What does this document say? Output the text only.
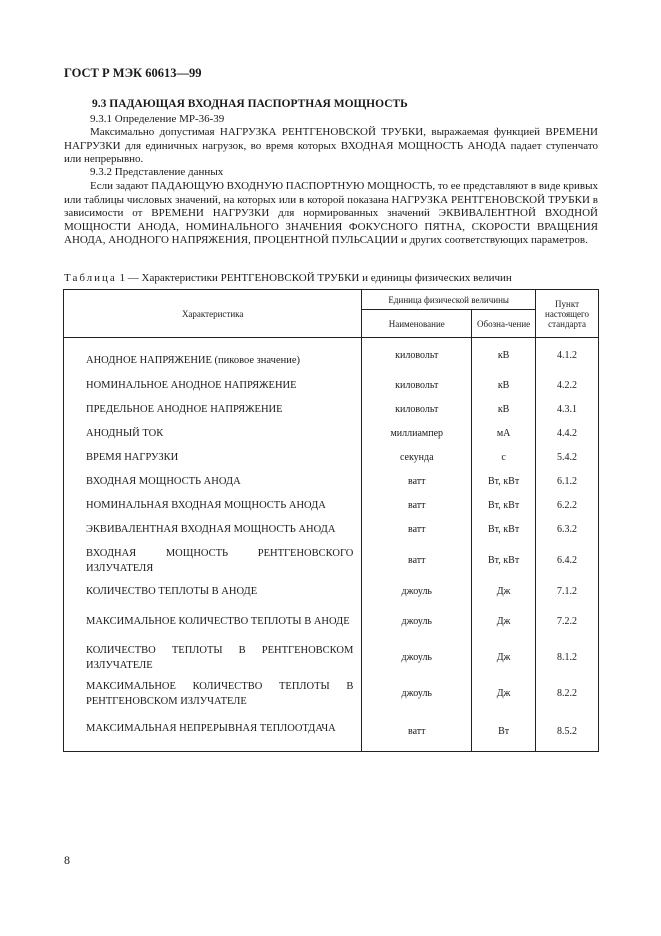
ГОСТ Р МЭК 60613—99
9.3 ПАДАЮЩАЯ ВХОДНАЯ ПАСПОРТНАЯ МОЩНОСТЬ
9.3.1 Определение МР-36-39
Максимально допустимая НАГРУЗКА РЕНТГЕНОВСКОЙ ТРУБКИ, выражаемая функцией ВРЕМЕНИ НАГРУЗКИ для единичных нагрузок, во время которых ВХОДНАЯ МОЩНОСТЬ АНОДА падает ступенчато или непрерывно.
9.3.2 Представление данных
Если задают ПАДАЮЩУЮ ВХОДНУЮ ПАСПОРТНУЮ МОЩНОСТЬ, то ее представляют в виде кривых или таблицы числовых значений, на которых или в которой показана НАГРУЗКА РЕНТГЕНОВСКОЙ ТРУБКИ в зависимости от ВРЕМЕНИ НАГРУЗКИ для нормированных значений ЭКВИВАЛЕНТНОЙ ВХОДНОЙ МОЩНОСТИ АНОДА, НОМИНАЛЬНОГО ЗНАЧЕНИЯ ФОКУСНОГО ПЯТНА, СКОРОСТИ ВРАЩЕНИЯ АНОДА, АНОДНОГО НАПРЯЖЕНИЯ, ПРОЦЕНТНОЙ ПУЛЬСАЦИИ и других соответствующих параметров.
Таблица 1 — Характеристики РЕНТГЕНОВСКОЙ ТРУБКИ и единицы физических величин
Характеристика	Единица физической величины		Пункт настоящего стандарта
	Наименование	Обозна-чение	
АНОДНОЕ НАПРЯЖЕНИЕ (пиковое значение)	киловольт	кВ	4.1.2
НОМИНАЛЬНОЕ АНОДНОЕ НАПРЯЖЕНИЕ	киловольт	кВ	4.2.2
ПРЕДЕЛЬНОЕ АНОДНОЕ НАПРЯЖЕНИЕ	киловольт	кВ	4.3.1
АНОДНЫЙ ТОК	миллиампер	мА	4.4.2
ВРЕМЯ НАГРУЗКИ	секунда	с	5.4.2
ВХОДНАЯ МОЩНОСТЬ АНОДА	ватт	Вт, кВт	6.1.2
НОМИНАЛЬНАЯ ВХОДНАЯ МОЩНОСТЬ АНОДА	ватт	Вт, кВт	6.2.2
ЭКВИВАЛЕНТНАЯ ВХОДНАЯ МОЩНОСТЬ АНОДА	ватт	Вт, кВт	6.3.2
ВХОДНАЯ МОЩНОСТЬ РЕНТГЕНОВСКОГО ИЗЛУЧАТЕЛЯ	ватт	Вт, кВт	6.4.2
КОЛИЧЕСТВО ТЕПЛОТЫ В АНОДЕ	джоуль	Дж	7.1.2
МАКСИМАЛЬНОЕ КОЛИЧЕСТВО ТЕПЛОТЫ В АНОДЕ	джоуль	Дж	7.2.2
КОЛИЧЕСТВО ТЕПЛОТЫ В РЕНТГЕНОВСКОМ ИЗЛУЧАТЕЛЕ	джоуль	Дж	8.1.2
МАКСИМАЛЬНОЕ КОЛИЧЕСТВО ТЕПЛОТЫ В РЕНТГЕНОВСКОМ ИЗЛУЧАТЕЛЕ	джоуль	Дж	8.2.2
МАКСИМАЛЬНАЯ НЕПРЕРЫВНАЯ ТЕПЛООТДАЧА	ватт	Вт	8.5.2
8
